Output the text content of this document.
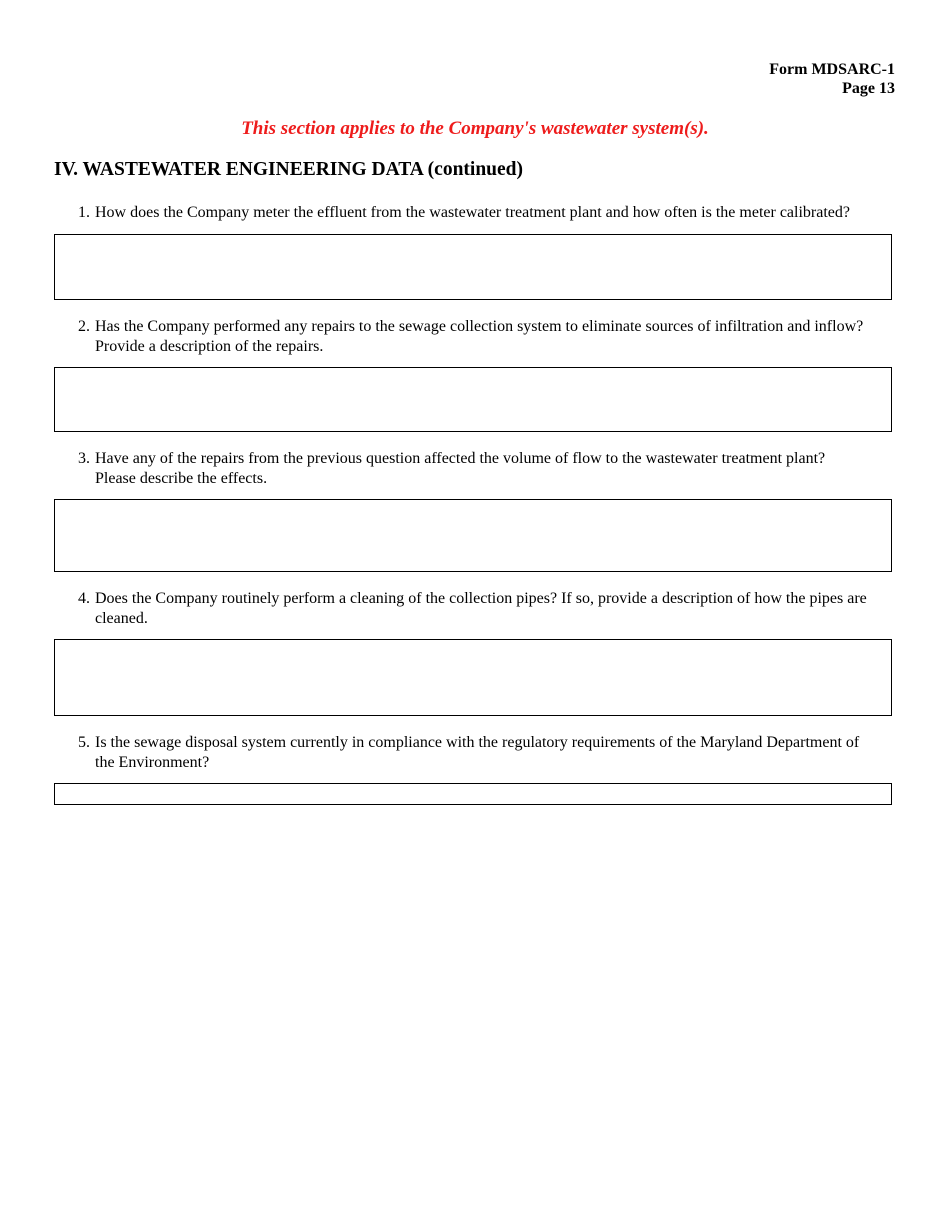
Form MDSARC-1
Page 13
This section applies to the Company's wastewater system(s).
IV. WASTEWATER ENGINEERING DATA (continued)
1. How does the Company meter the effluent from the wastewater treatment plant and how often is the meter calibrated?
2. Has the Company performed any repairs to the sewage collection system to eliminate sources of infiltration and inflow? Provide a description of the repairs.
3. Have any of the repairs from the previous question affected the volume of flow to the wastewater treatment plant? Please describe the effects.
4. Does the Company routinely perform a cleaning of the collection pipes? If so, provide a description of how the pipes are cleaned.
5. Is the sewage disposal system currently in compliance with the regulatory requirements of the Maryland Department of the Environment?
